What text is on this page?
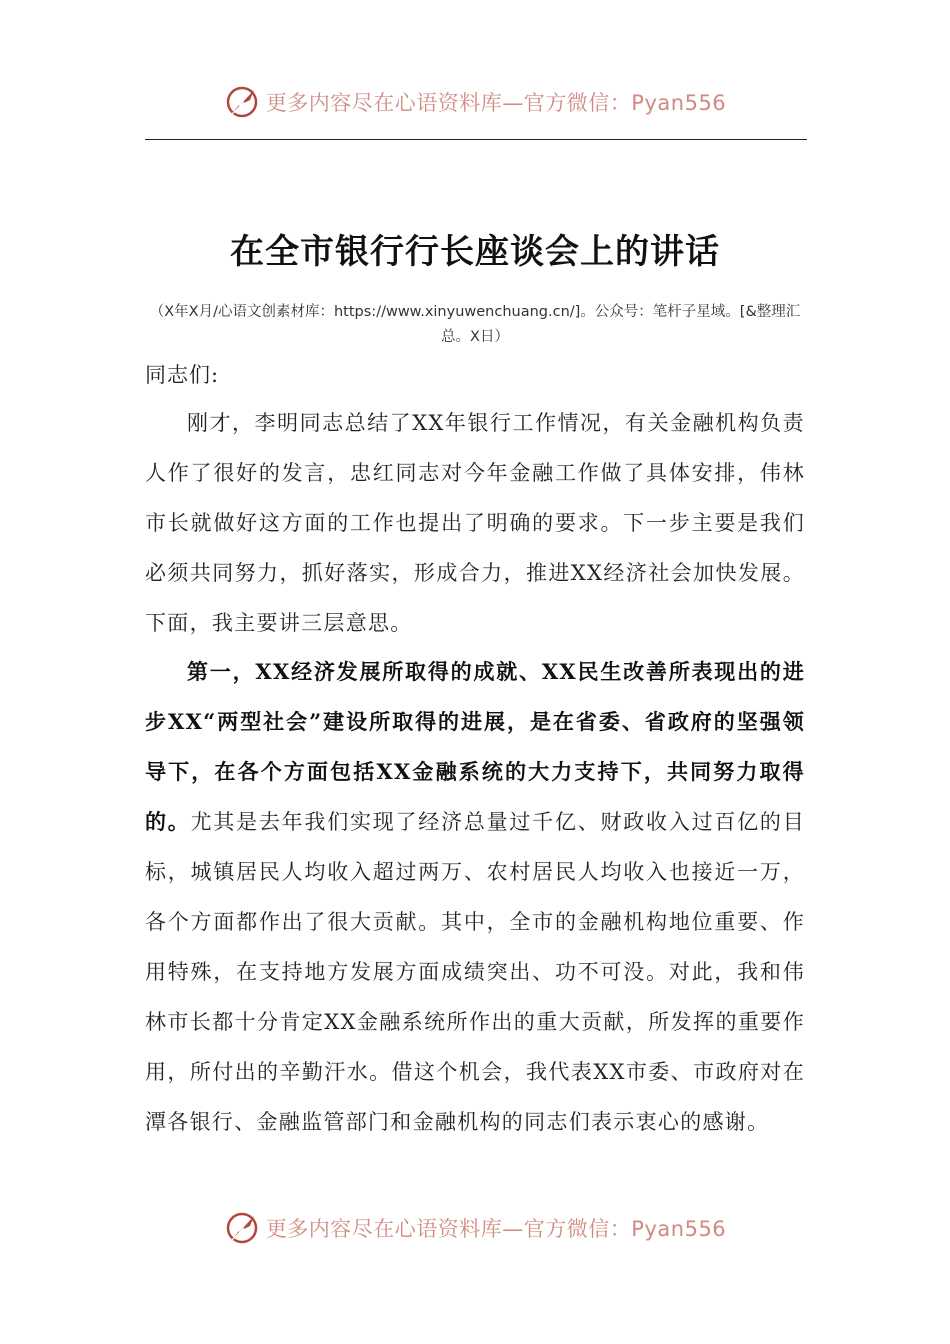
更多内容尽在心语资料库—官方微信：Pyan556
在全市银行行长座谈会上的讲话

（X年X月/心语文创素材库：https://www.xinyuwenchuang.cn/]。公众号：笔杆子星域。[&整理汇总。X日）

同志们:

刚才，李明同志总结了XX年银行工作情况，有关金融机构负责人作了很好的发言，忠红同志对今年金融工作做了具体安排，伟林市长就做好这方面的工作也提出了明确的要求。下一步主要是我们必须共同努力，抓好落实，形成合力，推进XX经济社会加快发展。下面，我主要讲三层意思。

第一，XX经济发展所取得的成就、XX民生改善所表现出的进步XX“两型社会”建设所取得的进展，是在省委、省政府的坚强领导下，在各个方面包括XX金融系统的大力支持下，共同努力取得的。尤其是去年我们实现了经济总量过千亿、财政收入过百亿的目标，城镇居民人均收入超过两万、农村居民人均收入也接近一万，各个方面都作出了很大贡献。其中，全市的金融机构地位重要、作用特殊，在支持地方发展方面成绩突出、功不可没。对此，我和伟林市长都十分肯定XX金融系统所作出的重大贡献，所发挥的重要作用，所付出的辛勤汗水。借这个机会，我代表XX市委、市政府对在潭各银行、金融监管部门和金融机构的同志们表示衷心的感谢。

更多内容尽在心语资料库—官方微信：Pyan556
